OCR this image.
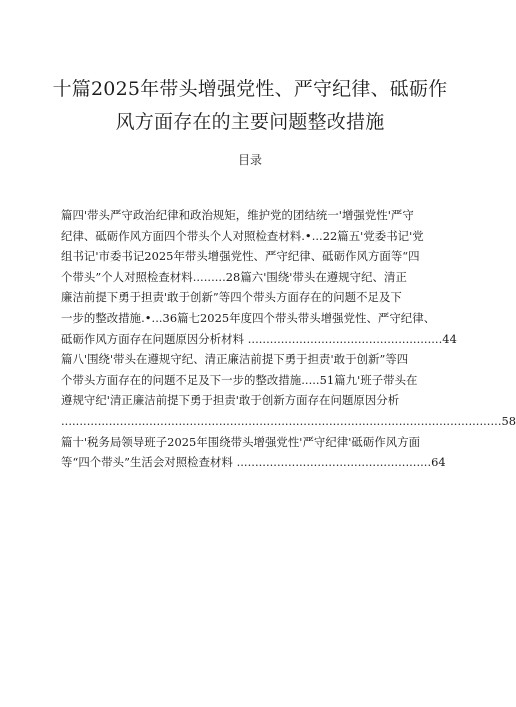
十篇2025年带头增强党性、严守纪律、砥砺作
风方面存在的主要问题整改措施
目录
篇四'带头严守政治纪律和政治规矩，维护党的团结统一'增强党性'严守
纪律、砥砺作风方面四个带头个人对照检查材料.•...22篇五'党委书记'党
组书记'市委书记2025年带头增强党性、严守纪律、砥砺作风方面等“四
个带头”个人对照检查材料.........28篇六'围绕'带头在遵规守纪、清正
廉洁前提下勇于担责'敢于创新”等四个带头方面存在的问题不足及下
一步的整改措施.•...36篇七2025年度四个带头带头增强党性、严守纪律、
砥砺作风方面存在问题原因分析材料 .....................................................44
篇八'围绕'带头在遵规守纪、清正廉洁前提下勇于担责'敢于创新”等四
个带头方面存在的问题不足及下一步的整改措施.....51篇九'班子带头在
遵规守纪'清正廉洁前提下勇于担责'敢于创新方面存在问题原因分析
........................................................................................................................58
篇十'税务局领导班子2025年围绕带头增强党性'严守纪律'砥砺作风方面
等“四个带头”生活会对照检查材料 .....................................................64
